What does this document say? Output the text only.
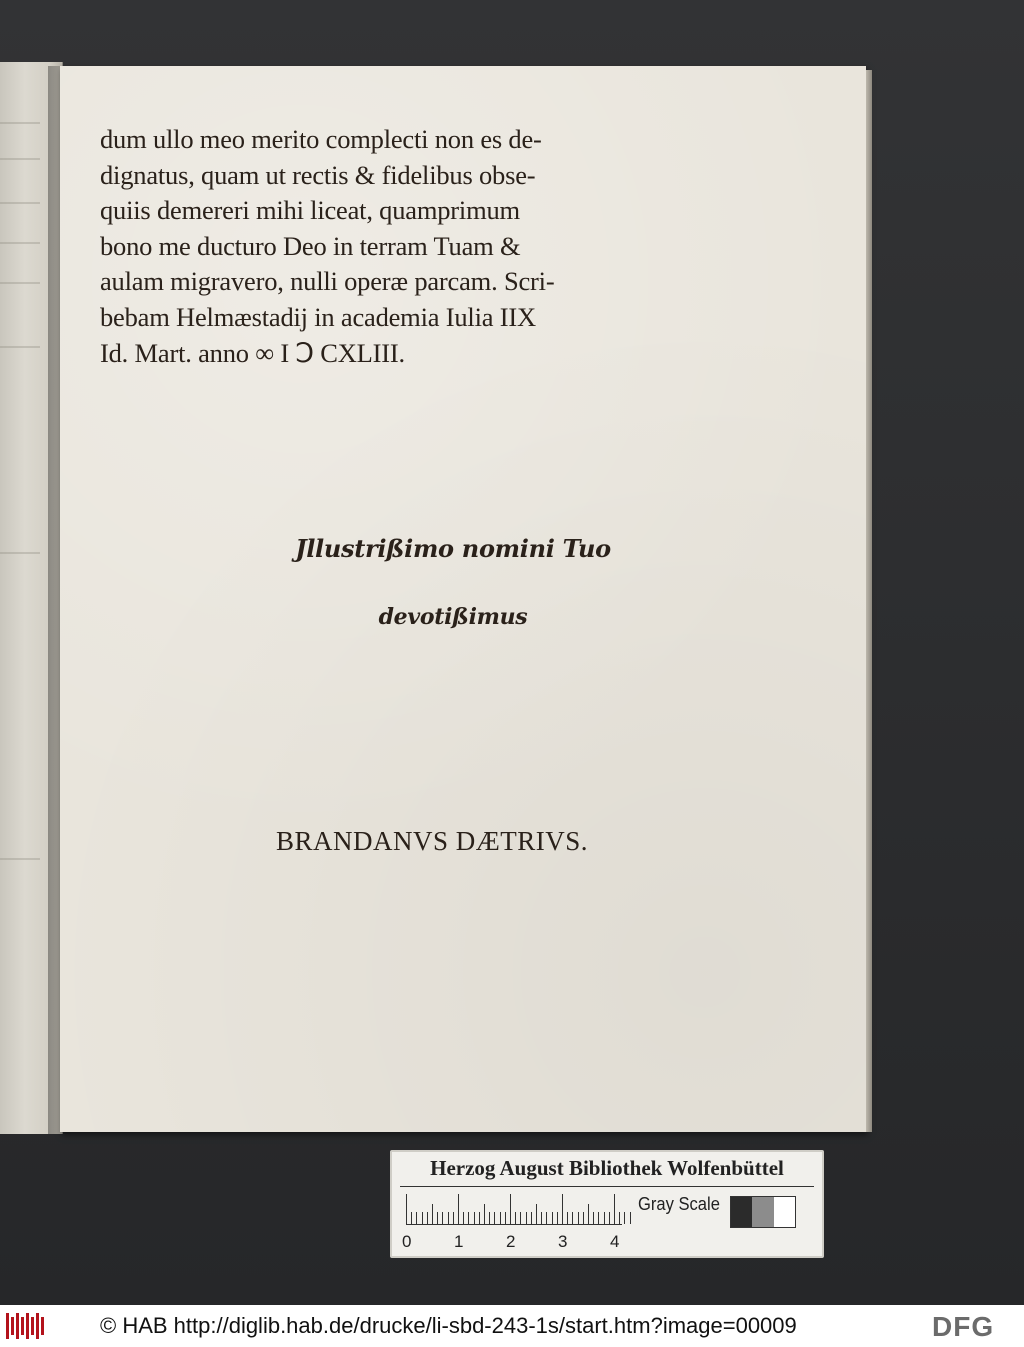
dum ullo meo merito complecti non es de-
dignatus, quam ut rectis & fidelibus obse-
quiis demereri mihi liceat, quamprimum
bono me ducturo Deo in terram Tuam &
aulam migravero, nulli operæ parcam. Scri-
bebam Helmæstadij in academia Iulia IIX
Id. Mart. anno ∞ I Ↄ CXLIII.
Jllustrißimo nomini Tuo
devotißimus
BRANDANVS DÆTRIVS.
Herzog August Bibliothek Wolfenbüttel
0	1	2	3	4
Gray Scale
© HAB http://diglib.hab.de/drucke/li-sbd-243-1s/start.htm?image=00009	DFG
